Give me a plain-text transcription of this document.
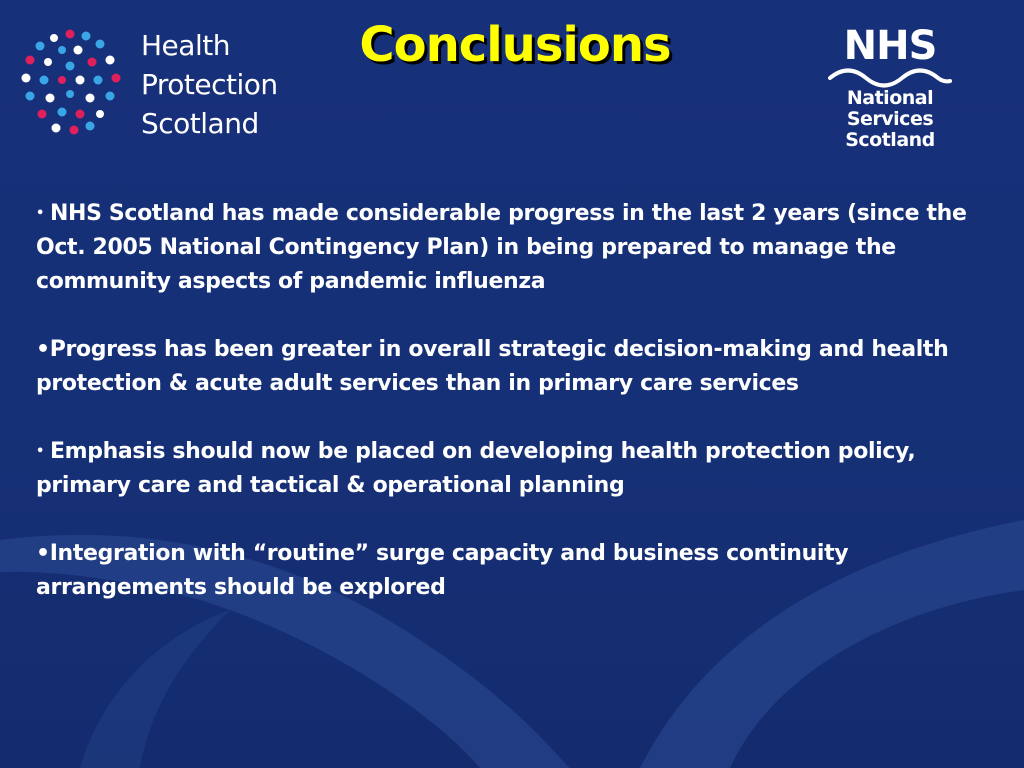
Health
Protection
Scotland
Conclusions	NHS
National
Services
Scotland

• NHS Scotland has made considerable progress in the last 2 years (since the Oct. 2005 National Contingency Plan) in being prepared to manage the community aspects of pandemic influenza

•Progress has been greater in overall strategic decision-making and health protection & acute adult services than in primary care services

• Emphasis should now be placed on developing health protection policy, primary care and tactical & operational planning

•Integration with “routine” surge capacity and business continuity arrangements should be explored
